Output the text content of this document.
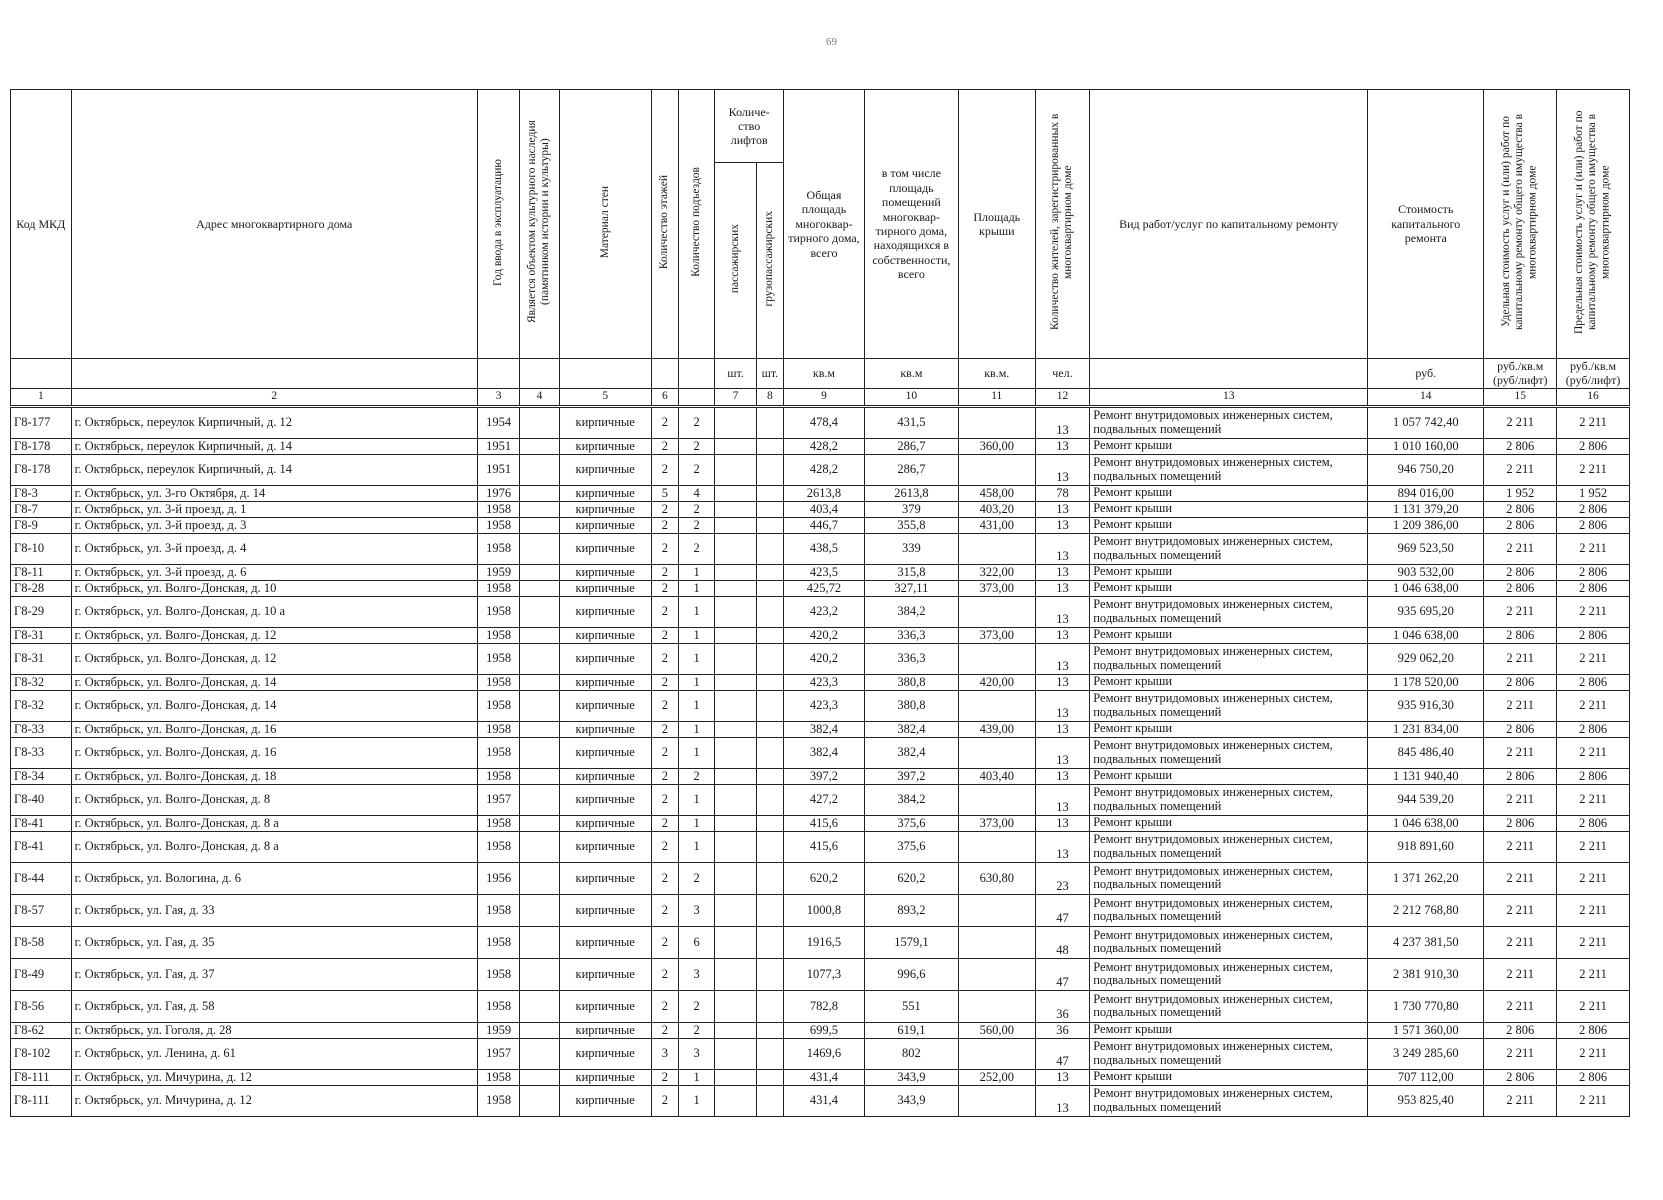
69
Код МКД	Адрес многоквартирного дома	Год ввода в эксплуатацию	Является объектом культурного наследия (памятником истории и культуры)	Материал стен	Количество этажей	Количество подъездов	Количе-ство лифтов		Общая площадь многоквар-тирного дома, всего	в том числе площадь помещений многоквар-тирного дома, находящихся в собственности, всего	Площадь крыши	Количество жителей, зарегистрированных в многоквартирном доме	Вид работ/услуг по капитальному ремонту	Стоимость капитального ремонта	Удельная стоимость услуг и (или) работ по капитальному ремонту общего имущества в многоквартирном доме	Предельная стоимость услуг и (или) работ по капитальному ремонту общего имущества в многоквартирном доме
							пассажирских	грузопассажирских								
							шт.	шт.	кв.м	кв.м	кв.м.	чел.		руб.	руб./кв.м (руб/лифт)	руб./кв.м (руб/лифт)
1	2	3	4	5	6		7	8	9	10	11	12	13	14	15	16
Г8-177	г. Октябрьск, переулок Кирпичный, д. 12	1954		кирпичные	2	2			478,4	431,5		13	Ремонт внутридомовых инженерных систем, подвальных помещений	1 057 742,40	2 211	2 211
Г8-178	г. Октябрьск, переулок Кирпичный, д. 14	1951		кирпичные	2	2			428,2	286,7	360,00	13	Ремонт крыши	1 010 160,00	2 806	2 806
Г8-178	г. Октябрьск, переулок Кирпичный, д. 14	1951		кирпичные	2	2			428,2	286,7		13	Ремонт внутридомовых инженерных систем, подвальных помещений	946 750,20	2 211	2 211
Г8-3	г. Октябрьск, ул. 3-го Октября, д. 14	1976		кирпичные	5	4			2613,8	2613,8	458,00	78	Ремонт крыши	894 016,00	1 952	1 952
Г8-7	г. Октябрьск, ул. 3-й проезд, д. 1	1958		кирпичные	2	2			403,4	379	403,20	13	Ремонт крыши	1 131 379,20	2 806	2 806
Г8-9	г. Октябрьск, ул. 3-й проезд, д. 3	1958		кирпичные	2	2			446,7	355,8	431,00	13	Ремонт крыши	1 209 386,00	2 806	2 806
Г8-10	г. Октябрьск, ул. 3-й проезд, д. 4	1958		кирпичные	2	2			438,5	339		13	Ремонт внутридомовых инженерных систем, подвальных помещений	969 523,50	2 211	2 211
Г8-11	г. Октябрьск, ул. 3-й проезд, д. 6	1959		кирпичные	2	1			423,5	315,8	322,00	13	Ремонт крыши	903 532,00	2 806	2 806
Г8-28	г. Октябрьск, ул. Волго-Донская, д. 10	1958		кирпичные	2	1			425,72	327,11	373,00	13	Ремонт крыши	1 046 638,00	2 806	2 806
Г8-29	г. Октябрьск, ул. Волго-Донская, д. 10 а	1958		кирпичные	2	1			423,2	384,2		13	Ремонт внутридомовых инженерных систем, подвальных помещений	935 695,20	2 211	2 211
Г8-31	г. Октябрьск, ул. Волго-Донская, д. 12	1958		кирпичные	2	1			420,2	336,3	373,00	13	Ремонт крыши	1 046 638,00	2 806	2 806
Г8-31	г. Октябрьск, ул. Волго-Донская, д. 12	1958		кирпичные	2	1			420,2	336,3		13	Ремонт внутридомовых инженерных систем, подвальных помещений	929 062,20	2 211	2 211
Г8-32	г. Октябрьск, ул. Волго-Донская, д. 14	1958		кирпичные	2	1			423,3	380,8	420,00	13	Ремонт крыши	1 178 520,00	2 806	2 806
Г8-32	г. Октябрьск, ул. Волго-Донская, д. 14	1958		кирпичные	2	1			423,3	380,8		13	Ремонт внутридомовых инженерных систем, подвальных помещений	935 916,30	2 211	2 211
Г8-33	г. Октябрьск, ул. Волго-Донская, д. 16	1958		кирпичные	2	1			382,4	382,4	439,00	13	Ремонт крыши	1 231 834,00	2 806	2 806
Г8-33	г. Октябрьск, ул. Волго-Донская, д. 16	1958		кирпичные	2	1			382,4	382,4		13	Ремонт внутридомовых инженерных систем, подвальных помещений	845 486,40	2 211	2 211
Г8-34	г. Октябрьск, ул. Волго-Донская, д. 18	1958		кирпичные	2	2			397,2	397,2	403,40	13	Ремонт крыши	1 131 940,40	2 806	2 806
Г8-40	г. Октябрьск, ул. Волго-Донская, д. 8	1957		кирпичные	2	1			427,2	384,2		13	Ремонт внутридомовых инженерных систем, подвальных помещений	944 539,20	2 211	2 211
Г8-41	г. Октябрьск, ул. Волго-Донская, д. 8 а	1958		кирпичные	2	1			415,6	375,6	373,00	13	Ремонт крыши	1 046 638,00	2 806	2 806
Г8-41	г. Октябрьск, ул. Волго-Донская, д. 8 а	1958		кирпичные	2	1			415,6	375,6		13	Ремонт внутридомовых инженерных систем, подвальных помещений	918 891,60	2 211	2 211
Г8-44	г. Октябрьск, ул. Вологина, д. 6	1956		кирпичные	2	2			620,2	620,2	630,80	23	Ремонт внутридомовых инженерных систем, подвальных помещений	1 371 262,20	2 211	2 211
Г8-57	г. Октябрьск, ул. Гая, д. 33	1958		кирпичные	2	3			1000,8	893,2		47	Ремонт внутридомовых инженерных систем, подвальных помещений	2 212 768,80	2 211	2 211
Г8-58	г. Октябрьск, ул. Гая, д. 35	1958		кирпичные	2	6			1916,5	1579,1		48	Ремонт внутридомовых инженерных систем, подвальных помещений	4 237 381,50	2 211	2 211
Г8-49	г. Октябрьск, ул. Гая, д. 37	1958		кирпичные	2	3			1077,3	996,6		47	Ремонт внутридомовых инженерных систем, подвальных помещений	2 381 910,30	2 211	2 211
Г8-56	г. Октябрьск, ул. Гая, д. 58	1958		кирпичные	2	2			782,8	551		36	Ремонт внутридомовых инженерных систем, подвальных помещений	1 730 770,80	2 211	2 211
Г8-62	г. Октябрьск, ул. Гоголя, д. 28	1959		кирпичные	2	2			699,5	619,1	560,00	36	Ремонт крыши	1 571 360,00	2 806	2 806
Г8-102	г. Октябрьск, ул. Ленина, д. 61	1957		кирпичные	3	3			1469,6	802		47	Ремонт внутридомовых инженерных систем, подвальных помещений	3 249 285,60	2 211	2 211
Г8-111	г. Октябрьск, ул. Мичурина, д. 12	1958		кирпичные	2	1			431,4	343,9	252,00	13	Ремонт крыши	707 112,00	2 806	2 806
Г8-111	г. Октябрьск, ул. Мичурина, д. 12	1958		кирпичные	2	1			431,4	343,9		13	Ремонт внутридомовых инженерных систем, подвальных помещений	953 825,40	2 211	2 211
